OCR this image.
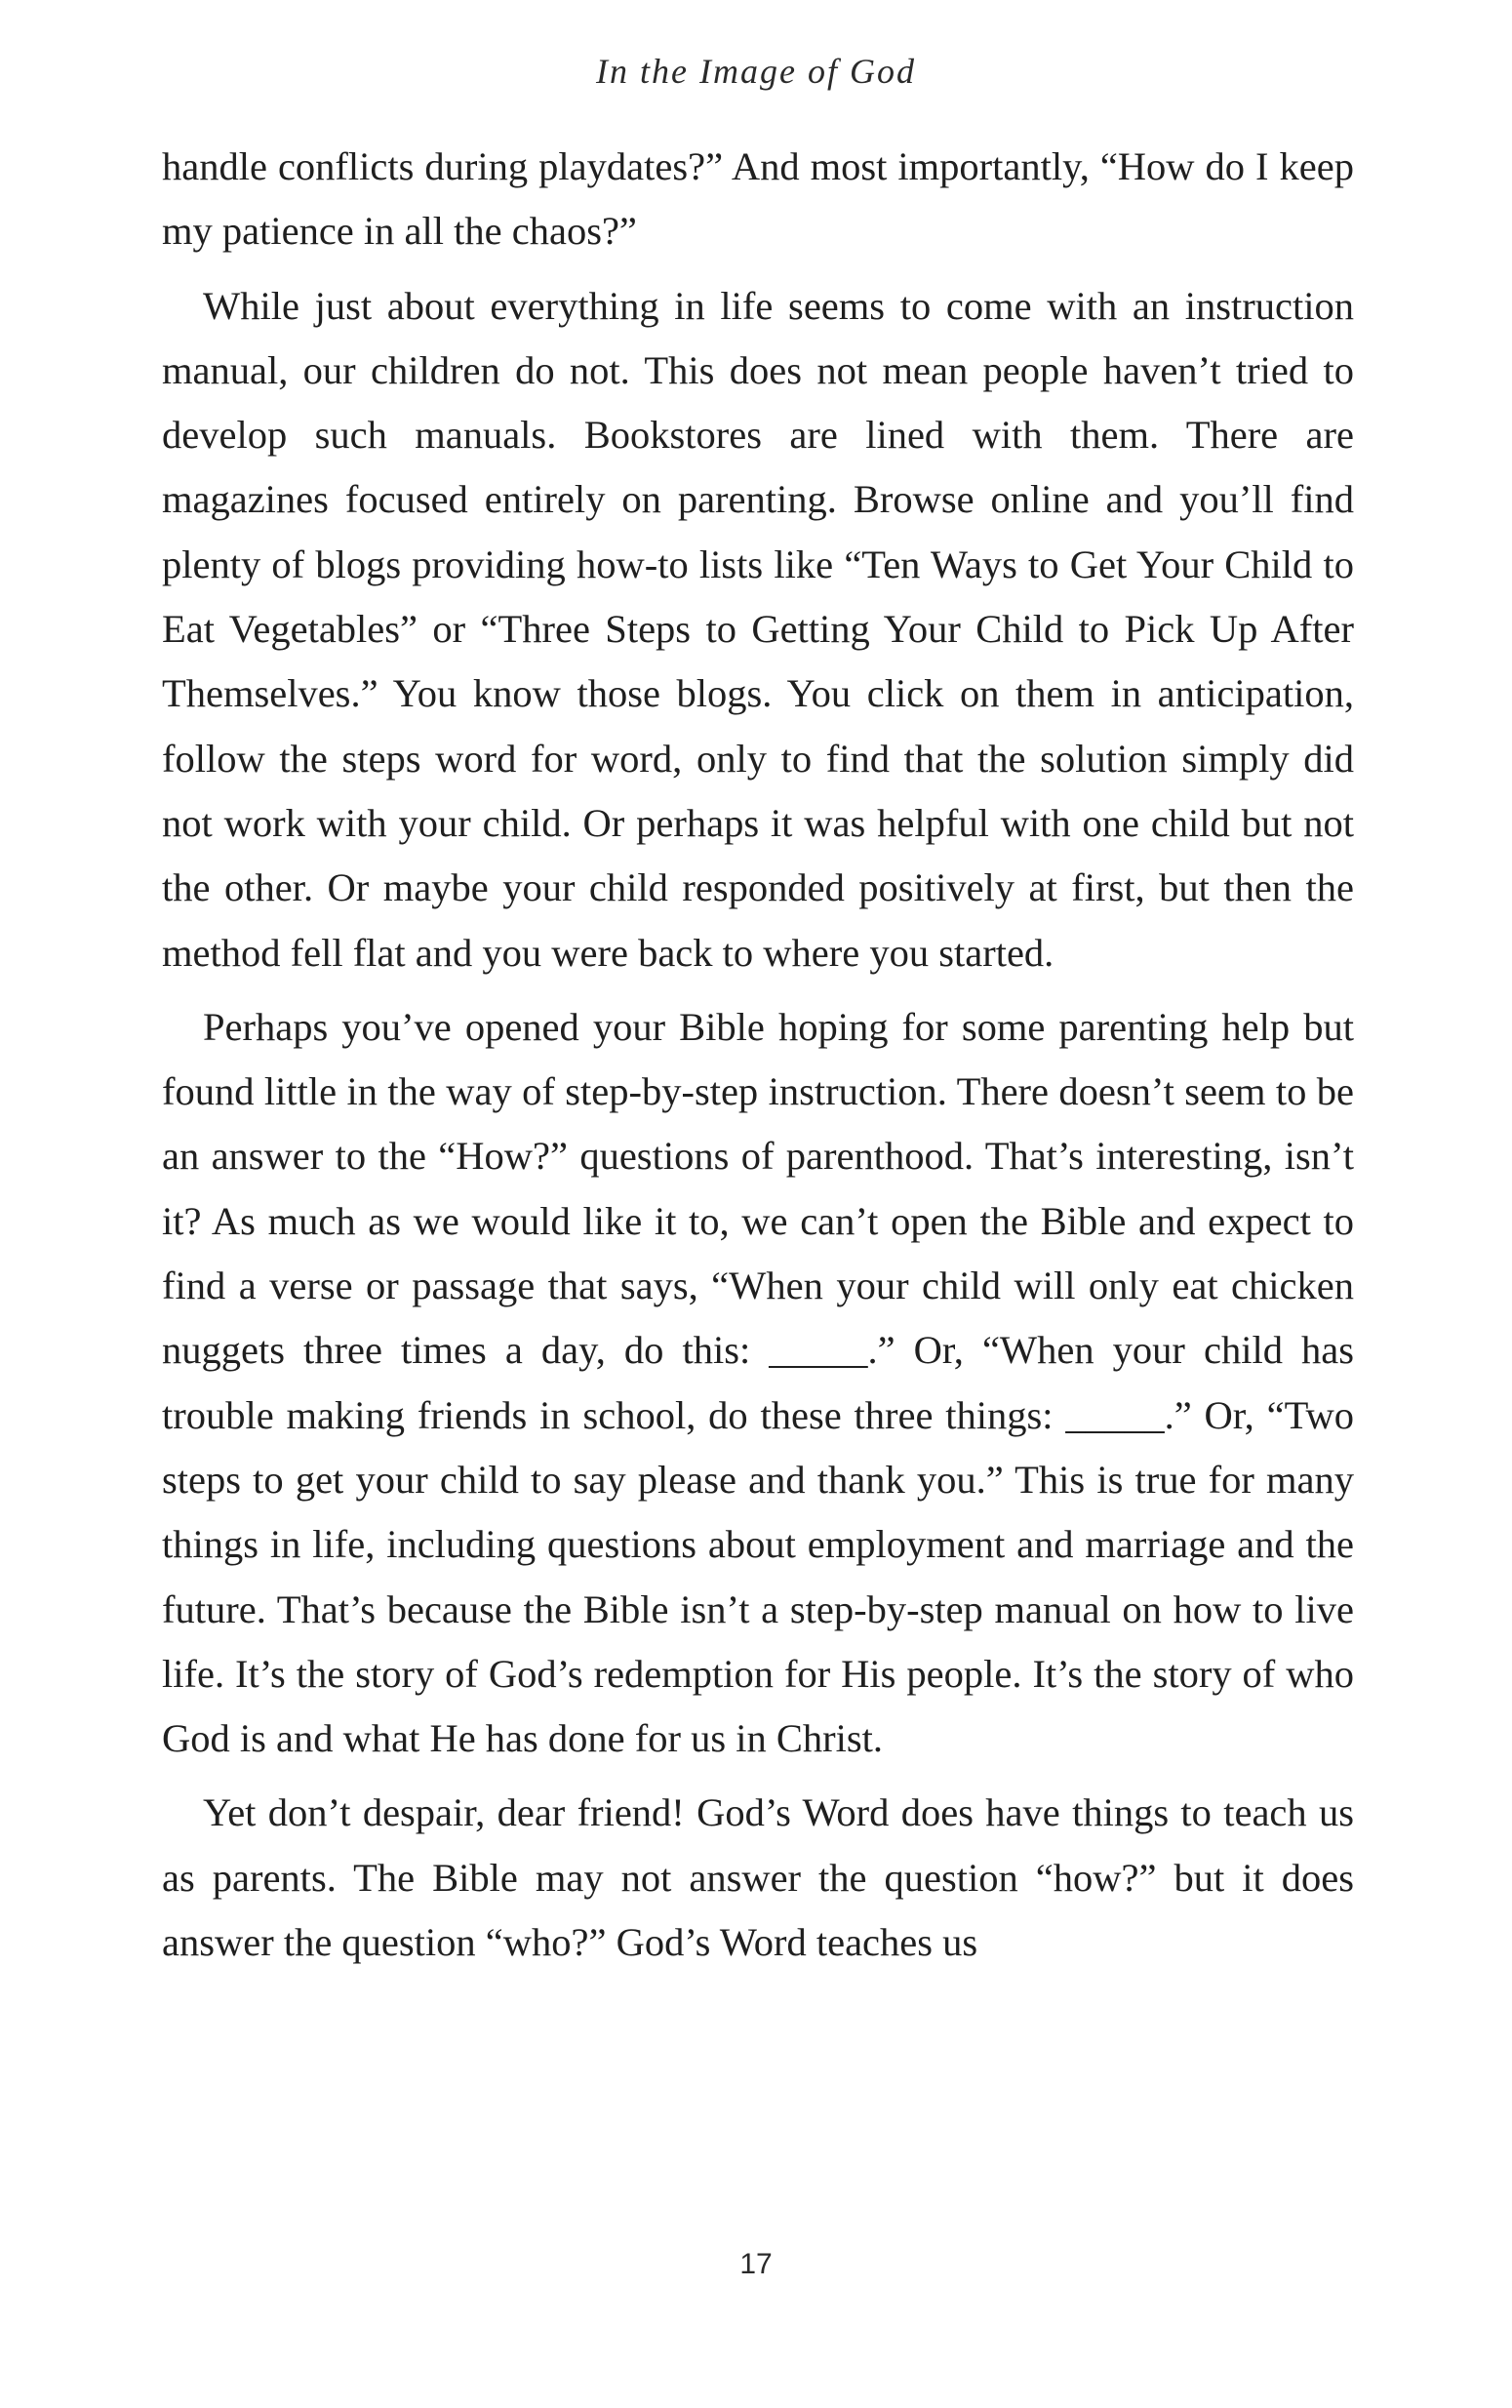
In the Image of God

handle conflicts during playdates?” And most importantly, “How do I keep my patience in all the chaos?”

While just about everything in life seems to come with an instruction manual, our children do not. This does not mean people haven’t tried to develop such manuals. Bookstores are lined with them. There are magazines focused entirely on parenting. Browse online and you’ll find plenty of blogs providing how-to lists like “Ten Ways to Get Your Child to Eat Vegetables” or “Three Steps to Getting Your Child to Pick Up After Themselves.” You know those blogs. You click on them in anticipation, follow the steps word for word, only to find that the solution simply did not work with your child. Or perhaps it was helpful with one child but not the other. Or maybe your child responded positively at first, but then the method fell flat and you were back to where you started.

Perhaps you’ve opened your Bible hoping for some parenting help but found little in the way of step-by-step instruction. There doesn’t seem to be an answer to the “How?” questions of parenthood. That’s interesting, isn’t it? As much as we would like it to, we can’t open the Bible and expect to find a verse or passage that says, “When your child will only eat chicken nuggets three times a day, do this: _____.” Or, “When your child has trouble making friends in school, do these three things: _____.” Or, “Two steps to get your child to say please and thank you.” This is true for many things in life, including questions about employment and marriage and the future. That’s because the Bible isn’t a step-by-step manual on how to live life. It’s the story of God’s redemption for His people. It’s the story of who God is and what He has done for us in Christ.

Yet don’t despair, dear friend! God’s Word does have things to teach us as parents. The Bible may not answer the question “how?” but it does answer the question “who?” God’s Word teaches us

17
